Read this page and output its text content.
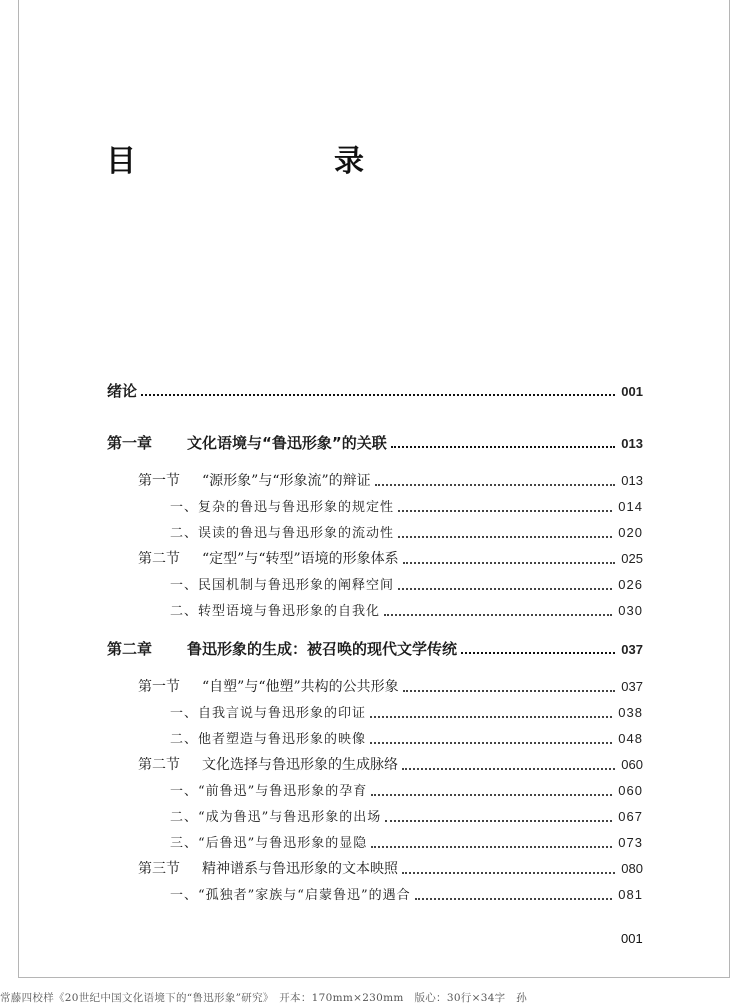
目　　录
绪论	001
第一章	文化语境与“鲁迅形象”的关联	013
第一节	“源形象”与“形象流”的辩证	013
一、复杂的鲁迅与鲁迅形象的规定性	014
二、误读的鲁迅与鲁迅形象的流动性	020
第二节	“定型”与“转型”语境的形象体系	025
一、民国机制与鲁迅形象的阐释空间	026
二、转型语境与鲁迅形象的自我化	030
第二章	鲁迅形象的生成：被召唤的现代文学传统	037
第一节	“自塑”与“他塑”共构的公共形象	037
一、自我言说与鲁迅形象的印证	038
二、他者塑造与鲁迅形象的映像	048
第二节	文化选择与鲁迅形象的生成脉络	060
一、“前鲁迅”与鲁迅形象的孕育	060
二、“成为鲁迅”与鲁迅形象的出场	067
三、“后鲁迅”与鲁迅形象的显隐	073
第三节	精神谱系与鲁迅形象的文本映照	080
一、“孤独者”家族与“启蒙鲁迅”的遇合	081
001
常藤四校样《20世纪中国文化语境下的“鲁迅形象”研究》　开本：170mm×230mm　版心：30行×34字　孙
